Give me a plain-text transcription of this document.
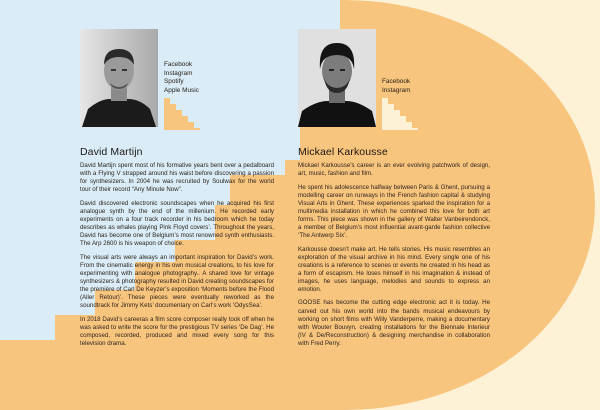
Facebook
Instagram
Spotify
Apple Music
David Martijn

David Martijn spent most of his formative years bent over a pedalboard with a Flying V strapped around his waist before discovering a passion for synthesizers. In 2004 he was recruited by Soulwax for the world tour of their record “Any Minute Now”.

David discovered electronic soundscapes when he acquired his first analogue synth by the end of the millenium. He recorded early experiments on a four track recorder in his bedroom which he today describes as whales playing Pink Floyd covers’. Throughout the years, David has become one of Belgium’s most renowned synth enthusiasts. The Arp 2600 is his weapon of choice.

The visual arts were always an important inspiration for David’s work. From the cinematic energy in his own musical creations, to his love for experimenting with analogue photography.. A shared love for vintage synthesizers & photography resulted in David creating soundscapes for the première of Carl De Keyzer’s exposition ‘Moments before the Flood (Aller Retour)’. These pieces were eventually reworked as the soundtrack for Jimmy Kets’ documentary on Carl’s work ‘OdysSea’.

In 2018 David’s careeras a film score composer really took off when he was asked to write the score for the prestigious TV series ‘De Dag’. He composed, recorded, produced and mixed every song for this television drama.

Facebook
Instagram
Mickael Karkousse

Mickael Karkousse’s career is an ever evolving patchwork of design, art, music, fashion and film.

He spent his adolescence halfway between Paris & Ghent, pursuing a modelling career on runways in the French fashion capital & studying Visual Arts in Ghent. These experiences sparked the inspiration for a multimedia installation in which he combined this love for both art forms. This piece was shown in the gallery of Walter Vanbeirendonck, a member of Belgium’s most influential avant-garde fashion collective ‘The Antwerp Six’.

Karkousse doesn’t make art. He tells stories. His music resembles an exploration of the visual archive in his mind. Every single one of his creations is a reference to scenes or events he created in his head as a form of escapism. He loses himself in his imagination & instead of images, he uses language, melodies and sounds to express an emotion.

GOOSE has become the cutting edge electronic act it is today. He carved out his own world into the bands musical endeavours by working on short films with Willy Vanderperre, making a documentary with Wouter Bouvyn, creating installations for the Biennale Interieur (IV & De/Reconstruction) & designing merchandise in collaboration with Fred Perry.
